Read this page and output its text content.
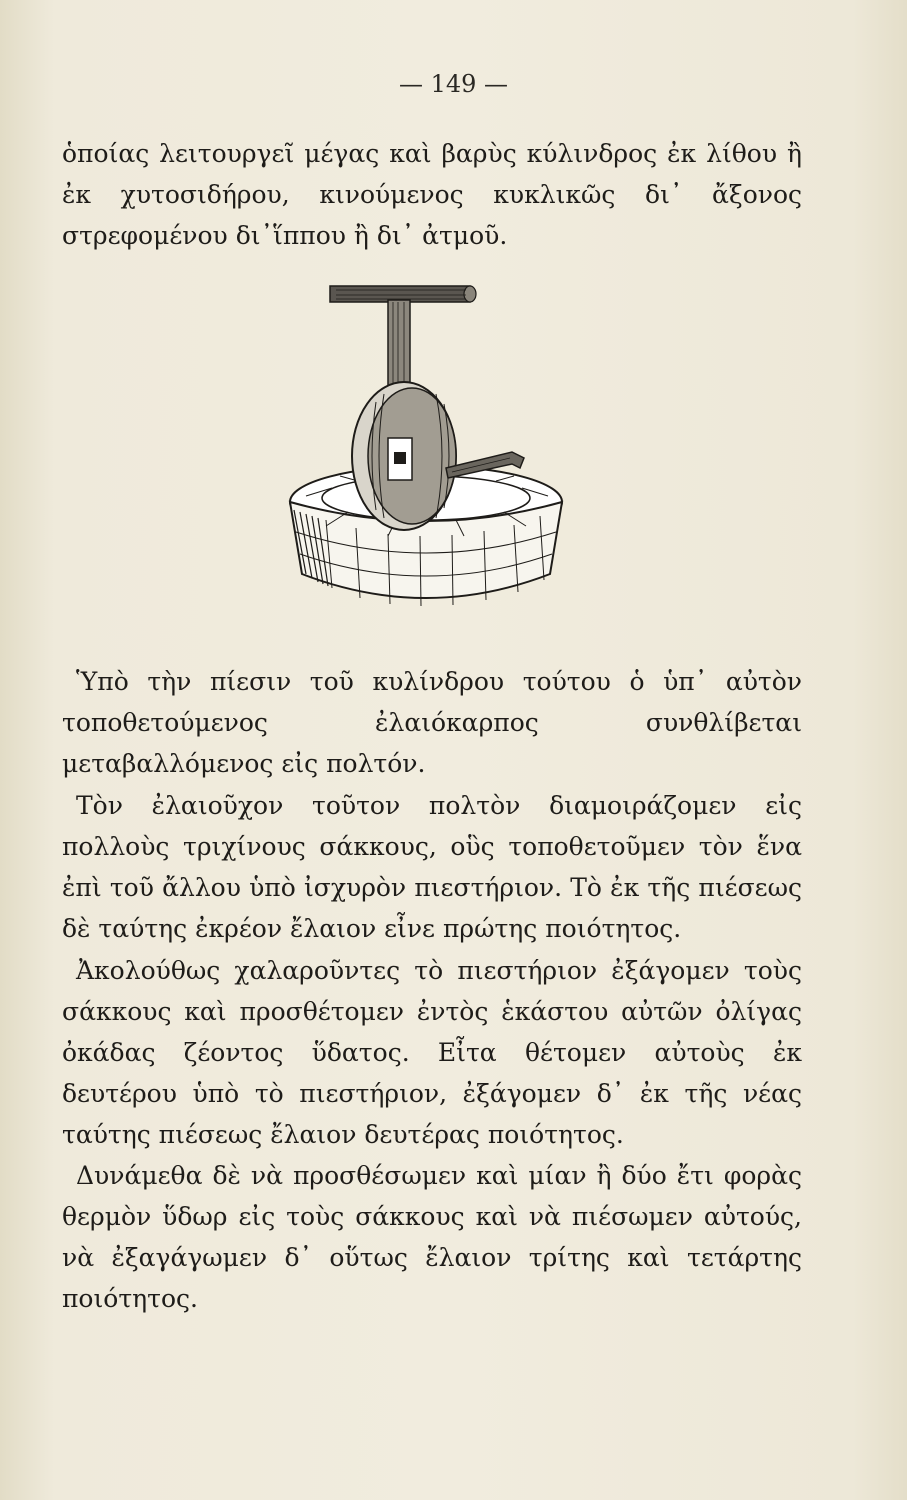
— 149 —
ὁποίας λειτουργεῖ μέγας καὶ βαρὺς κύλινδρος ἐκ λίθου ἢ ἐκ χυτοσιδήρου, κινούμενος κυκλικῶς δι᾽ ἄξονος στρεφομένου δι᾽ἵππου ἢ δι᾽ ἀτμοῦ.
Ὑπὸ τὴν πίεσιν τοῦ κυλίνδρου τούτου ὁ ὑπ᾽ αὐτὸν τοποθετούμενος ἐλαιόκαρπος συνθλίβεται μεταβαλλόμενος εἰς πολτόν.
Τὸν ἐλαιοῦχον τοῦτον πολτὸν διαμοιράζομεν εἰς πολλοὺς τριχίνους σάκκους, οὓς τοποθετοῦμεν τὸν ἕνα ἐπὶ τοῦ ἄλλου ὑπὸ ἰσχυρὸν πιεστήριον. Τὸ ἐκ τῆς πιέσεως δὲ ταύτης ἐκρέον ἔλαιον εἶνε πρώτης ποιότητος.
Ἀκολούθως χαλαροῦντες τὸ πιεστήριον ἐξάγομεν τοὺς σάκκους καὶ προσθέτομεν ἐντὸς ἑκάστου αὐτῶν ὀλίγας ὀκάδας ζέοντος ὕδατος. Εἶτα θέτομεν αὐτοὺς ἐκ δευτέρου ὑπὸ τὸ πιεστήριον, ἐξάγομεν δ᾽ ἐκ τῆς νέας ταύτης πιέσεως ἔλαιον δευτέρας ποιότητος.
Δυνάμεθα δὲ νὰ προσθέσωμεν καὶ μίαν ἢ δύο ἔτι φορὰς θερμὸν ὕδωρ εἰς τοὺς σάκκους καὶ νὰ πιέσωμεν αὐτούς, νὰ ἐξαγάγωμεν δ᾽ οὕτως ἔλαιον τρίτης καὶ τετάρτης ποιότητος.
